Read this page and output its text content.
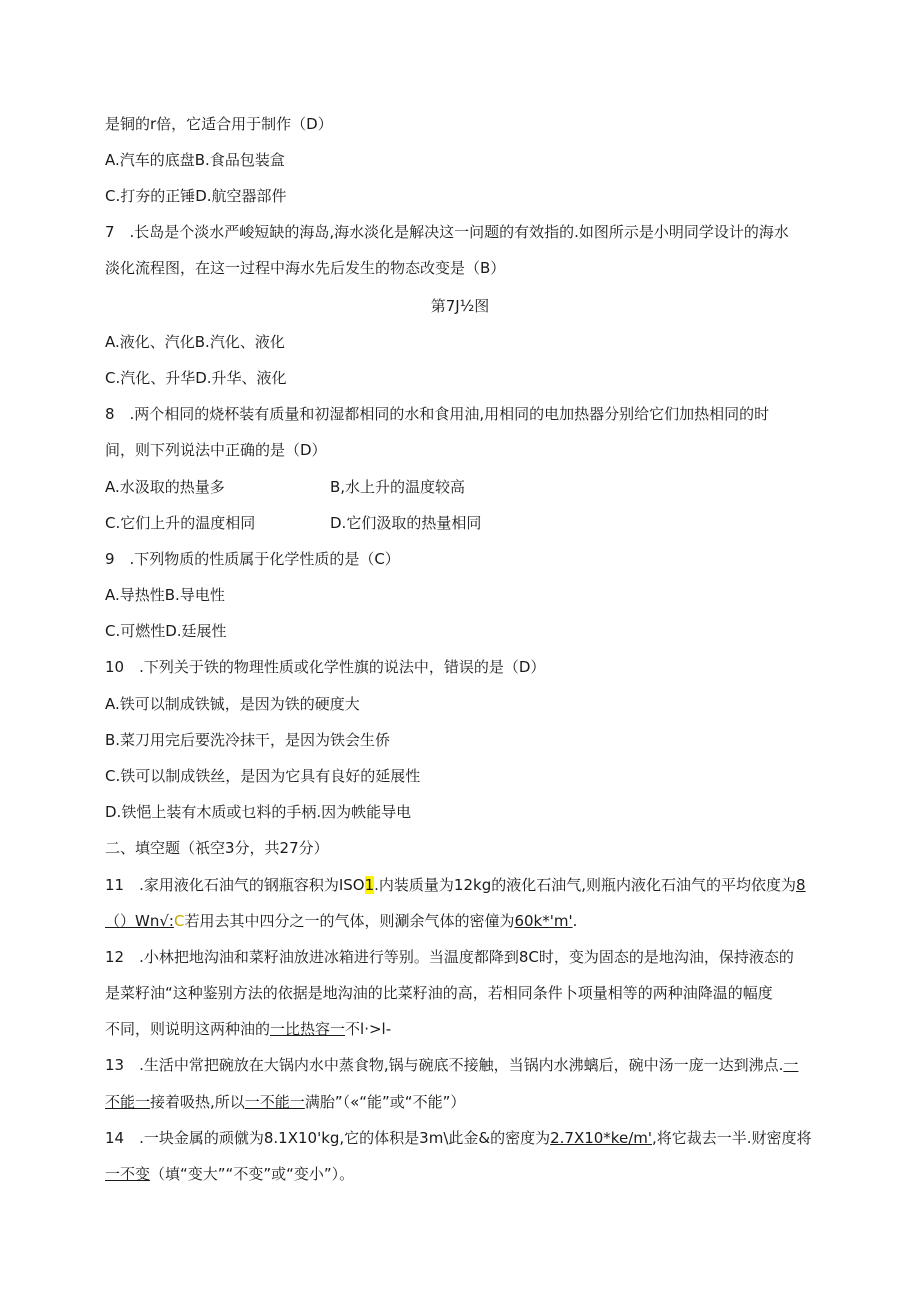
是铜的r倍，它适合用于制作（D）
A.汽车的底盘B.食品包装盒
C.打夯的正锤D.航空器部件
7　.长岛是个淡水严峻短缺的海岛,海水淡化是解决这一问题的有效指的.如图所示是小明同学设计的海水
淡化流程图，在这一过程中海水先后发生的物态改变是（B）
第7J½图
A.液化、汽化B.汽化、液化
C.汽化、升华D.升华、液化
8　.两个相同的烧杯装有质量和初湿都相同的水和食用油,用相同的电加热器分别给它们加热相同的时
间，则下列说法中正确的是（D）
A.水汲取的热量多	B,水上升的温度较高
C.它们上升的温度相同	D.它们汲取的热量相同
9　.下列物质的性质属于化学性质的是（C）
A.导热性B.导电性
C.可燃性D.廷展性
10　.下列关于铁的物理性质或化学性旗的说法中，错误的是（D）
A.铁可以制成铁铖，是因为铁的硬度大
B.菜刀用完后要洗冷抹干，是因为铁会生侨
C.铁可以制成铁丝，是因为它具有良好的延展性
D.铁悒上装有木质或乜料的手柄.因为帙能导电
二、填空题（祇空3分，共27分）
11　.家用液化石油气的钢瓶容积为ISO1.内装质量为12kg的液化石油气,则瓶内液化石油气的平均依度为8
（）Wn√:C若用去其中四分之一的气体，则涮余气体的密僮为60k*'m'.
12　.小林把地沟油和菜籽油放进冰箱进行等别。当温度都降到8C时，变为固态的是地沟油，保持液态的
是菜籽油“这种鉴别方法的依据是地沟油的比菜籽油的高，若相同条件卜项量相等的两种油降温的幅度
不同，则说明这两种油的一比热容一不l·>l-
13　.生活中常把碗放在大锅内水中蒸食物,锅与碗底不接触，当锅内水沸螭后，碗中汤一庞一达到沸点.一
不能一接着吸热,所以一不能一满胎”（«“能”或“不能”）
14　.一块金属的顽僦为8.1X10'kg,它的体积是3m\此金&的密度为2.7X10*ke/m',将它裁去一半.财密度将
一不变（填“变大”“不变”或“变小”）。
